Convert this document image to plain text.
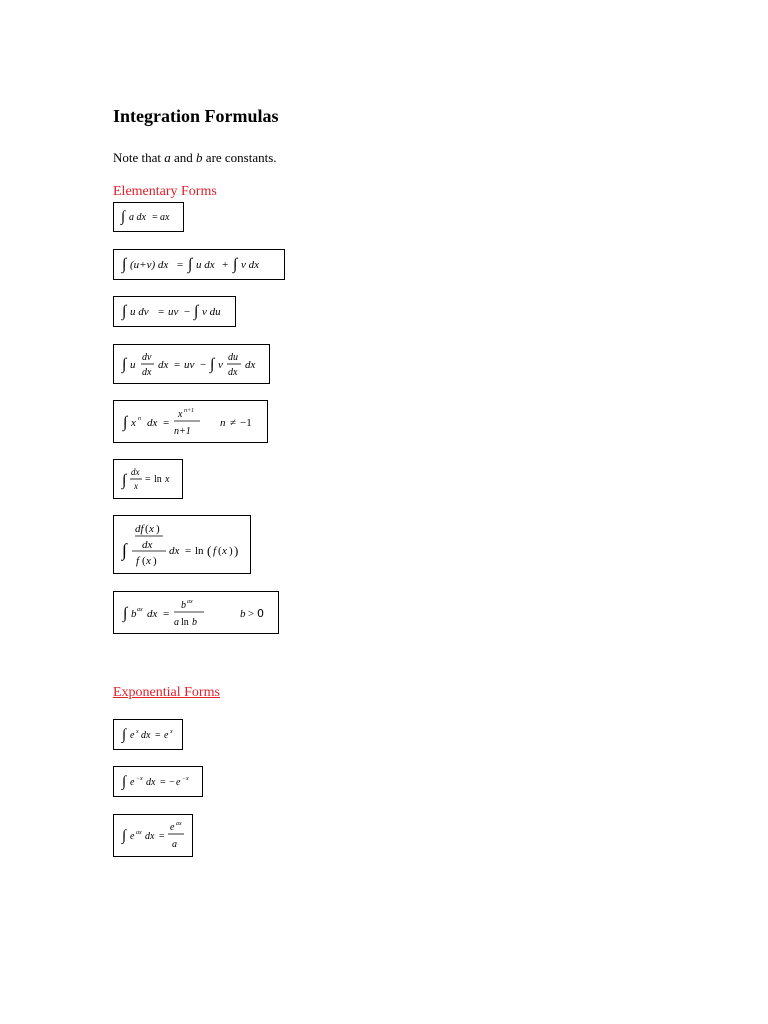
Integration Formulas
Note that a and b are constants.
Elementary Forms
∫ a dx = ax
∫ (u+v) dx = ∫ u dx + ∫ v dx
∫ u dv = uv − ∫ v du
∫ u
dv
dx
dx = uv − ∫ v
du
dx
dx
∫ x n dx =
x n+1
n+1
n ≠ −1
∫ dx
x
= ln x
∫
df ( x )
dx
f ( x )
dx = ln ( f ( x ) )
∫ b ax dx =
b ax
a ln b
b > 0
Exponential Forms
∫ e x dx = e x
∫ e −x dx = − e −x
∫ e ax dx =
e ax
a
